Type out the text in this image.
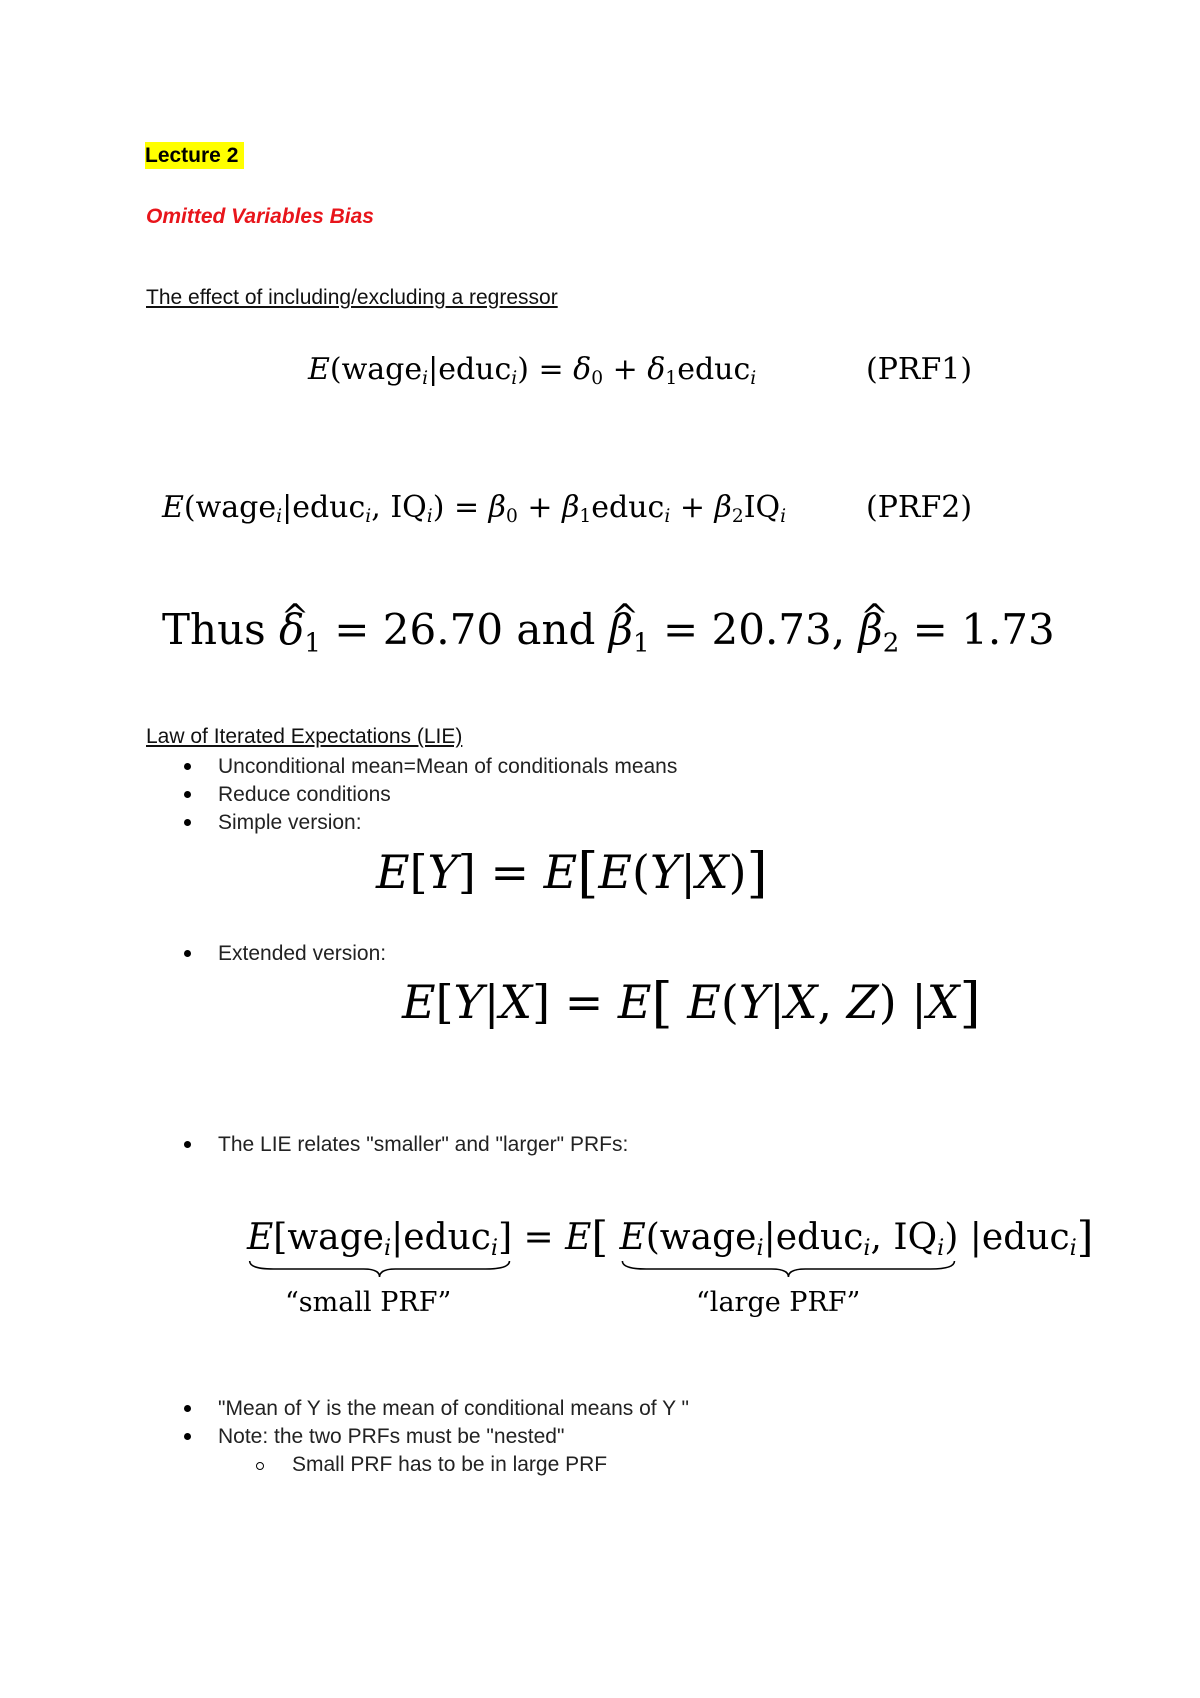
Lecture 2
Omitted Variables Bias
The effect of including/excluding a regressor
E(wage$_i$|educ$_i$) = $\delta_0$ + $\delta_1educ_i$	(PRF1)
E(wage$_i$|educ$_i$, $IQ_i) = \beta_0$ + $\beta_1educ_i + \beta_2IQ_i$	(PRF2)
Thus ^ $\delta_1 = 26.70$ and ^ $\beta_1 = 20.73$, ^ $\beta_2 = 1.73$
Law of Iterated Expectations (LIE)
Unconditional mean=Mean of conditionals means
Reduce conditions
Simple version:
E[Y] = E[E(Y|X)]
Extended version:
E[Y|X] = E[ E(Y|X, Z) |X]
The LIE relates "smaller" and "larger" PRFs:
E[wage$_i$|educ$_i$]
= E[ E(wage$_i$|educ$_i$, $IQ_i$)
|educ$_i$]
“small PRF”	“large PRF”
"Mean of Y is the mean of conditional means of Y "
Note: the two PRFs must be "nested"
Small PRF has to be in large PRF
